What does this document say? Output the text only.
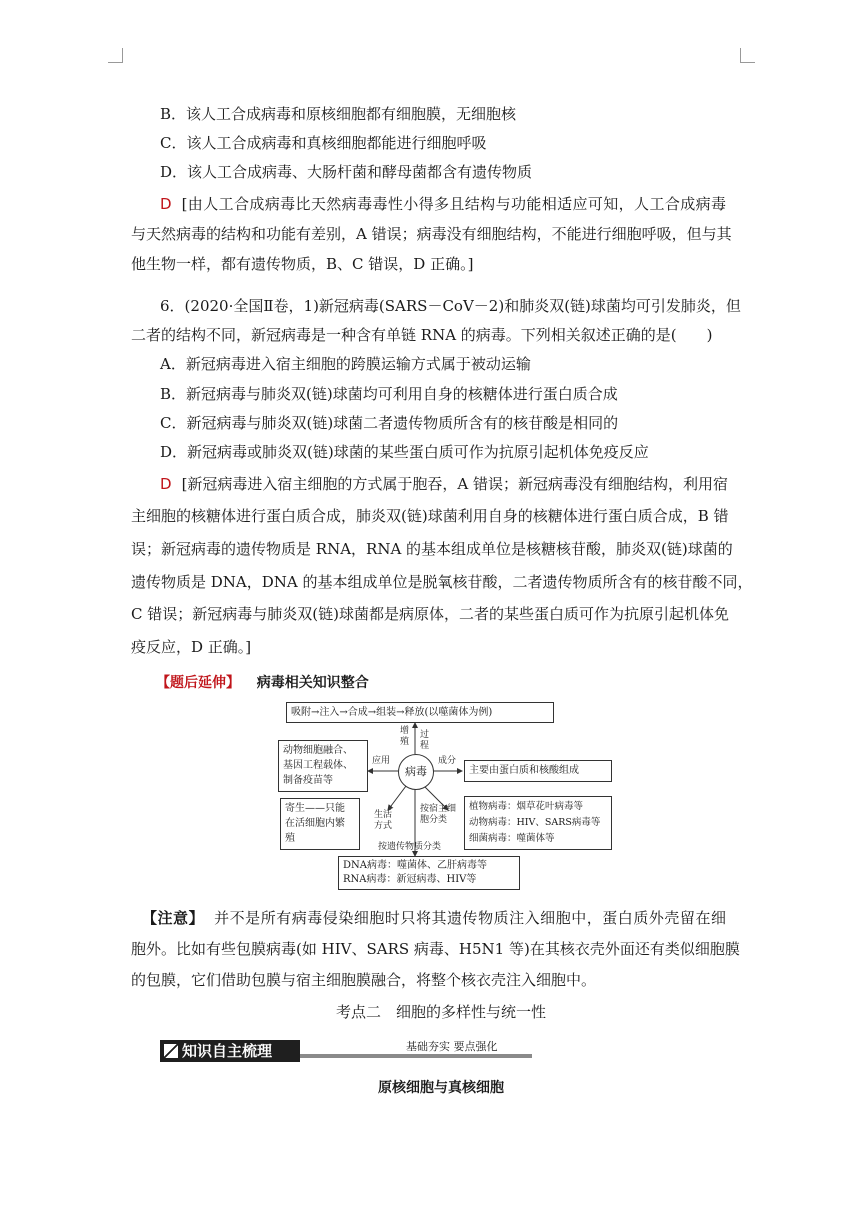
B．该人工合成病毒和原核细胞都有细胞膜，无细胞核
C．该人工合成病毒和真核细胞都能进行细胞呼吸
D．该人工合成病毒、大肠杆菌和酵母菌都含有遗传物质
D [由人工合成病毒比天然病毒毒性小得多且结构与功能相适应可知，人工合成病毒
与天然病毒的结构和功能有差别，A 错误；病毒没有细胞结构，不能进行细胞呼吸，但与其
他生物一样，都有遗传物质，B、C 错误，D 正确。]
6．(2020·全国Ⅱ卷，1)新冠病毒(SARS－CoV－2)和肺炎双(链)球菌均可引发肺炎，但
二者的结构不同，新冠病毒是一种含有单链 RNA 的病毒。下列相关叙述正确的是(　　)
A．新冠病毒进入宿主细胞的跨膜运输方式属于被动运输
B．新冠病毒与肺炎双(链)球菌均可利用自身的核糖体进行蛋白质合成
C．新冠病毒与肺炎双(链)球菌二者遗传物质所含有的核苷酸是相同的
D．新冠病毒或肺炎双(链)球菌的某些蛋白质可作为抗原引起机体免疫反应
D [新冠病毒进入宿主细胞的方式属于胞吞，A 错误；新冠病毒没有细胞结构，利用宿
主细胞的核糖体进行蛋白质合成，肺炎双(链)球菌利用自身的核糖体进行蛋白质合成，B 错
误；新冠病毒的遗传物质是 RNA，RNA 的基本组成单位是核糖核苷酸，肺炎双(链)球菌的
遗传物质是 DNA，DNA 的基本组成单位是脱氧核苷酸，二者遗传物质所含有的核苷酸不同，
C 错误；新冠病毒与肺炎双(链)球菌都是病原体，二者的某些蛋白质可作为抗原引起机体免
疫反应，D 正确。]
【题后延伸】 病毒相关知识整合
吸附→注入→合成→组装→释放(以噬菌体为例)
增
殖
过
程
动物细胞融合、
基因工程载体、
制备疫苗等
应用
病毒
成分
主要由蛋白质和核酸组成
寄生——只能
在活细胞内繁
殖
生活
方式
按宿主细
胞分类
植物病毒：烟草花叶病毒等
动物病毒：HIV、SARS病毒等
细菌病毒：噬菌体等
按遗传物质分类
DNA病毒：噬菌体、乙肝病毒等
RNA病毒：新冠病毒、HIV等
【注意】 并不是所有病毒侵染细胞时只将其遗传物质注入细胞中，蛋白质外壳留在细
胞外。比如有些包膜病毒(如 HIV、SARS 病毒、H5N1 等)在其核衣壳外面还有类似细胞膜
的包膜，它们借助包膜与宿主细胞膜融合，将整个核衣壳注入细胞中。
考点二　细胞的多样性与统一性
知识自主梳理	基础夯实 要点强化
原核细胞与真核细胞
